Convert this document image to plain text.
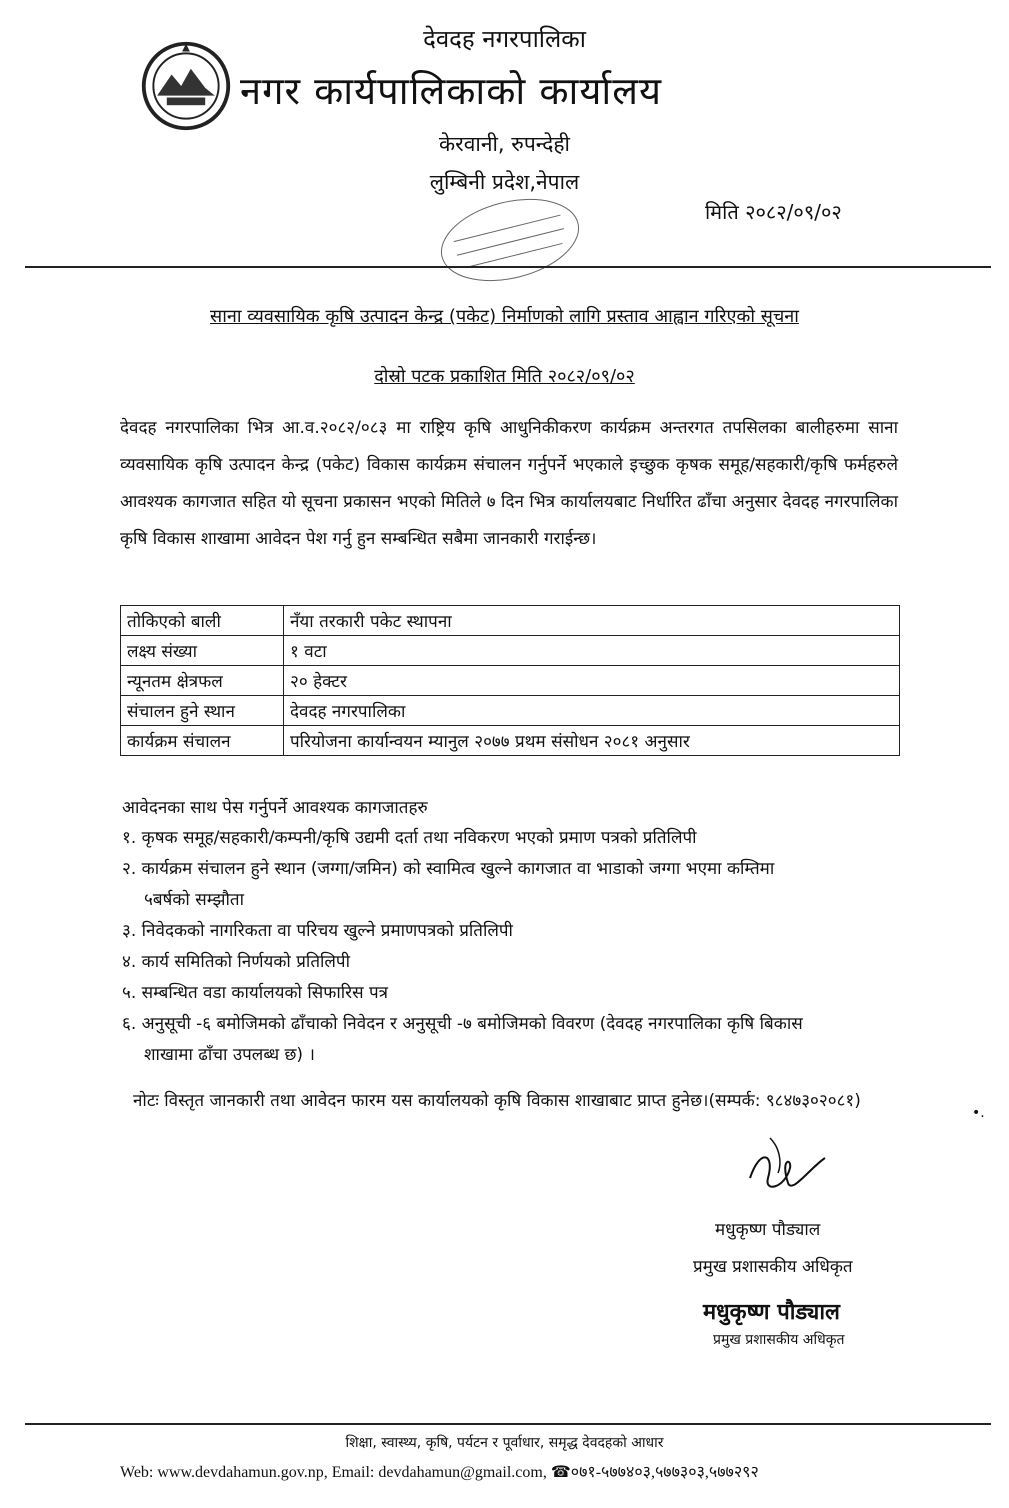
देवदह नगरपालिका
नगर कार्यपालिकाको कार्यालय
केरवानी, रुपन्देही
लुम्बिनी प्रदेश,नेपाल
मिति २०८२/०९/०२
साना व्यवसायिक कृषि उत्पादन केन्द्र (पकेट) निर्माणको लागि प्रस्ताव आह्वान गरिएको सूचना
दोस्रो पटक प्रकाशित मिति २०८२/०९/०२
देवदह नगरपालिका भित्र आ.व.२०८२/०८३ मा राष्ट्रिय कृषि आधुनिकीकरण कार्यक्रम अन्तरगत तपसिलका बालीहरुमा साना व्यवसायिक कृषि उत्पादन केन्द्र (पकेट) विकास कार्यक्रम संचालन गर्नुपर्ने भएकाले इच्छुक कृषक समूह/सहकारी/कृषि फर्महरुले आवश्यक कागजात सहित यो सूचना प्रकासन भएको मितिले ७ दिन भित्र कार्यालयबाट निर्धारित ढाँचा अनुसार देवदह नगरपालिका कृषि विकास शाखामा आवेदन पेश गर्नु हुन सम्बन्धित सबैमा जानकारी गराईन्छ।
तोकिएको बाली	नँया तरकारी पकेट स्थापना
लक्ष्य संख्या	१ वटा
न्यूनतम क्षेत्रफल	२० हेक्टर
संचालन हुने स्थान	देवदह नगरपालिका
कार्यक्रम संचालन	परियोजना कार्यान्वयन म्यानुल २०७७ प्रथम संसोधन २०८१ अनुसार
आवेदनका साथ पेस गर्नुपर्ने आवश्यक कागजातहरु

१. कृषक समूह/सहकारी/कम्पनी/कृषि उद्यमी दर्ता तथा नविकरण भएको प्रमाण पत्रको प्रतिलिपी

२. कार्यक्रम संचालन हुने स्थान (जग्गा/जमिन) को स्वामित्व खुल्ने कागजात वा भाडाको जग्गा भएमा कम्तिमा

५बर्षको सम्झौता

३. निवेदकको नागरिकता वा परिचय खुल्ने प्रमाणपत्रको प्रतिलिपी

४. कार्य समितिको निर्णयको प्रतिलिपी

५. सम्बन्धित वडा कार्यालयको सिफारिस पत्र

६. अनुसूची -६ बमोजिमको ढाँचाको निवेदन र अनुसूची -७ बमोजिमको विवरण (देवदह नगरपालिका कृषि बिकास

शाखामा ढाँचा उपलब्ध छ) ।

नोटः विस्तृत जानकारी तथा आवेदन फारम यस कार्यालयको कृषि विकास शाखाबाट प्राप्त हुनेछ।(सम्पर्क: ९८४७३०२०८१)
मधुकृष्ण पौड्याल
प्रमुख प्रशासकीय अधिकृत
मधुकृष्ण पौड्याल
प्रमुख प्रशासकीय अधिकृत
•.
शिक्षा, स्वास्थ्य, कृषि, पर्यटन र पूर्वाधार, समृद्ध देवदहको आधार
Web: www.devdahamun.gov.np, Email: devdahamun@gmail.com, ☎०७१-५७७४०३,५७७३०३,५७७२९२
